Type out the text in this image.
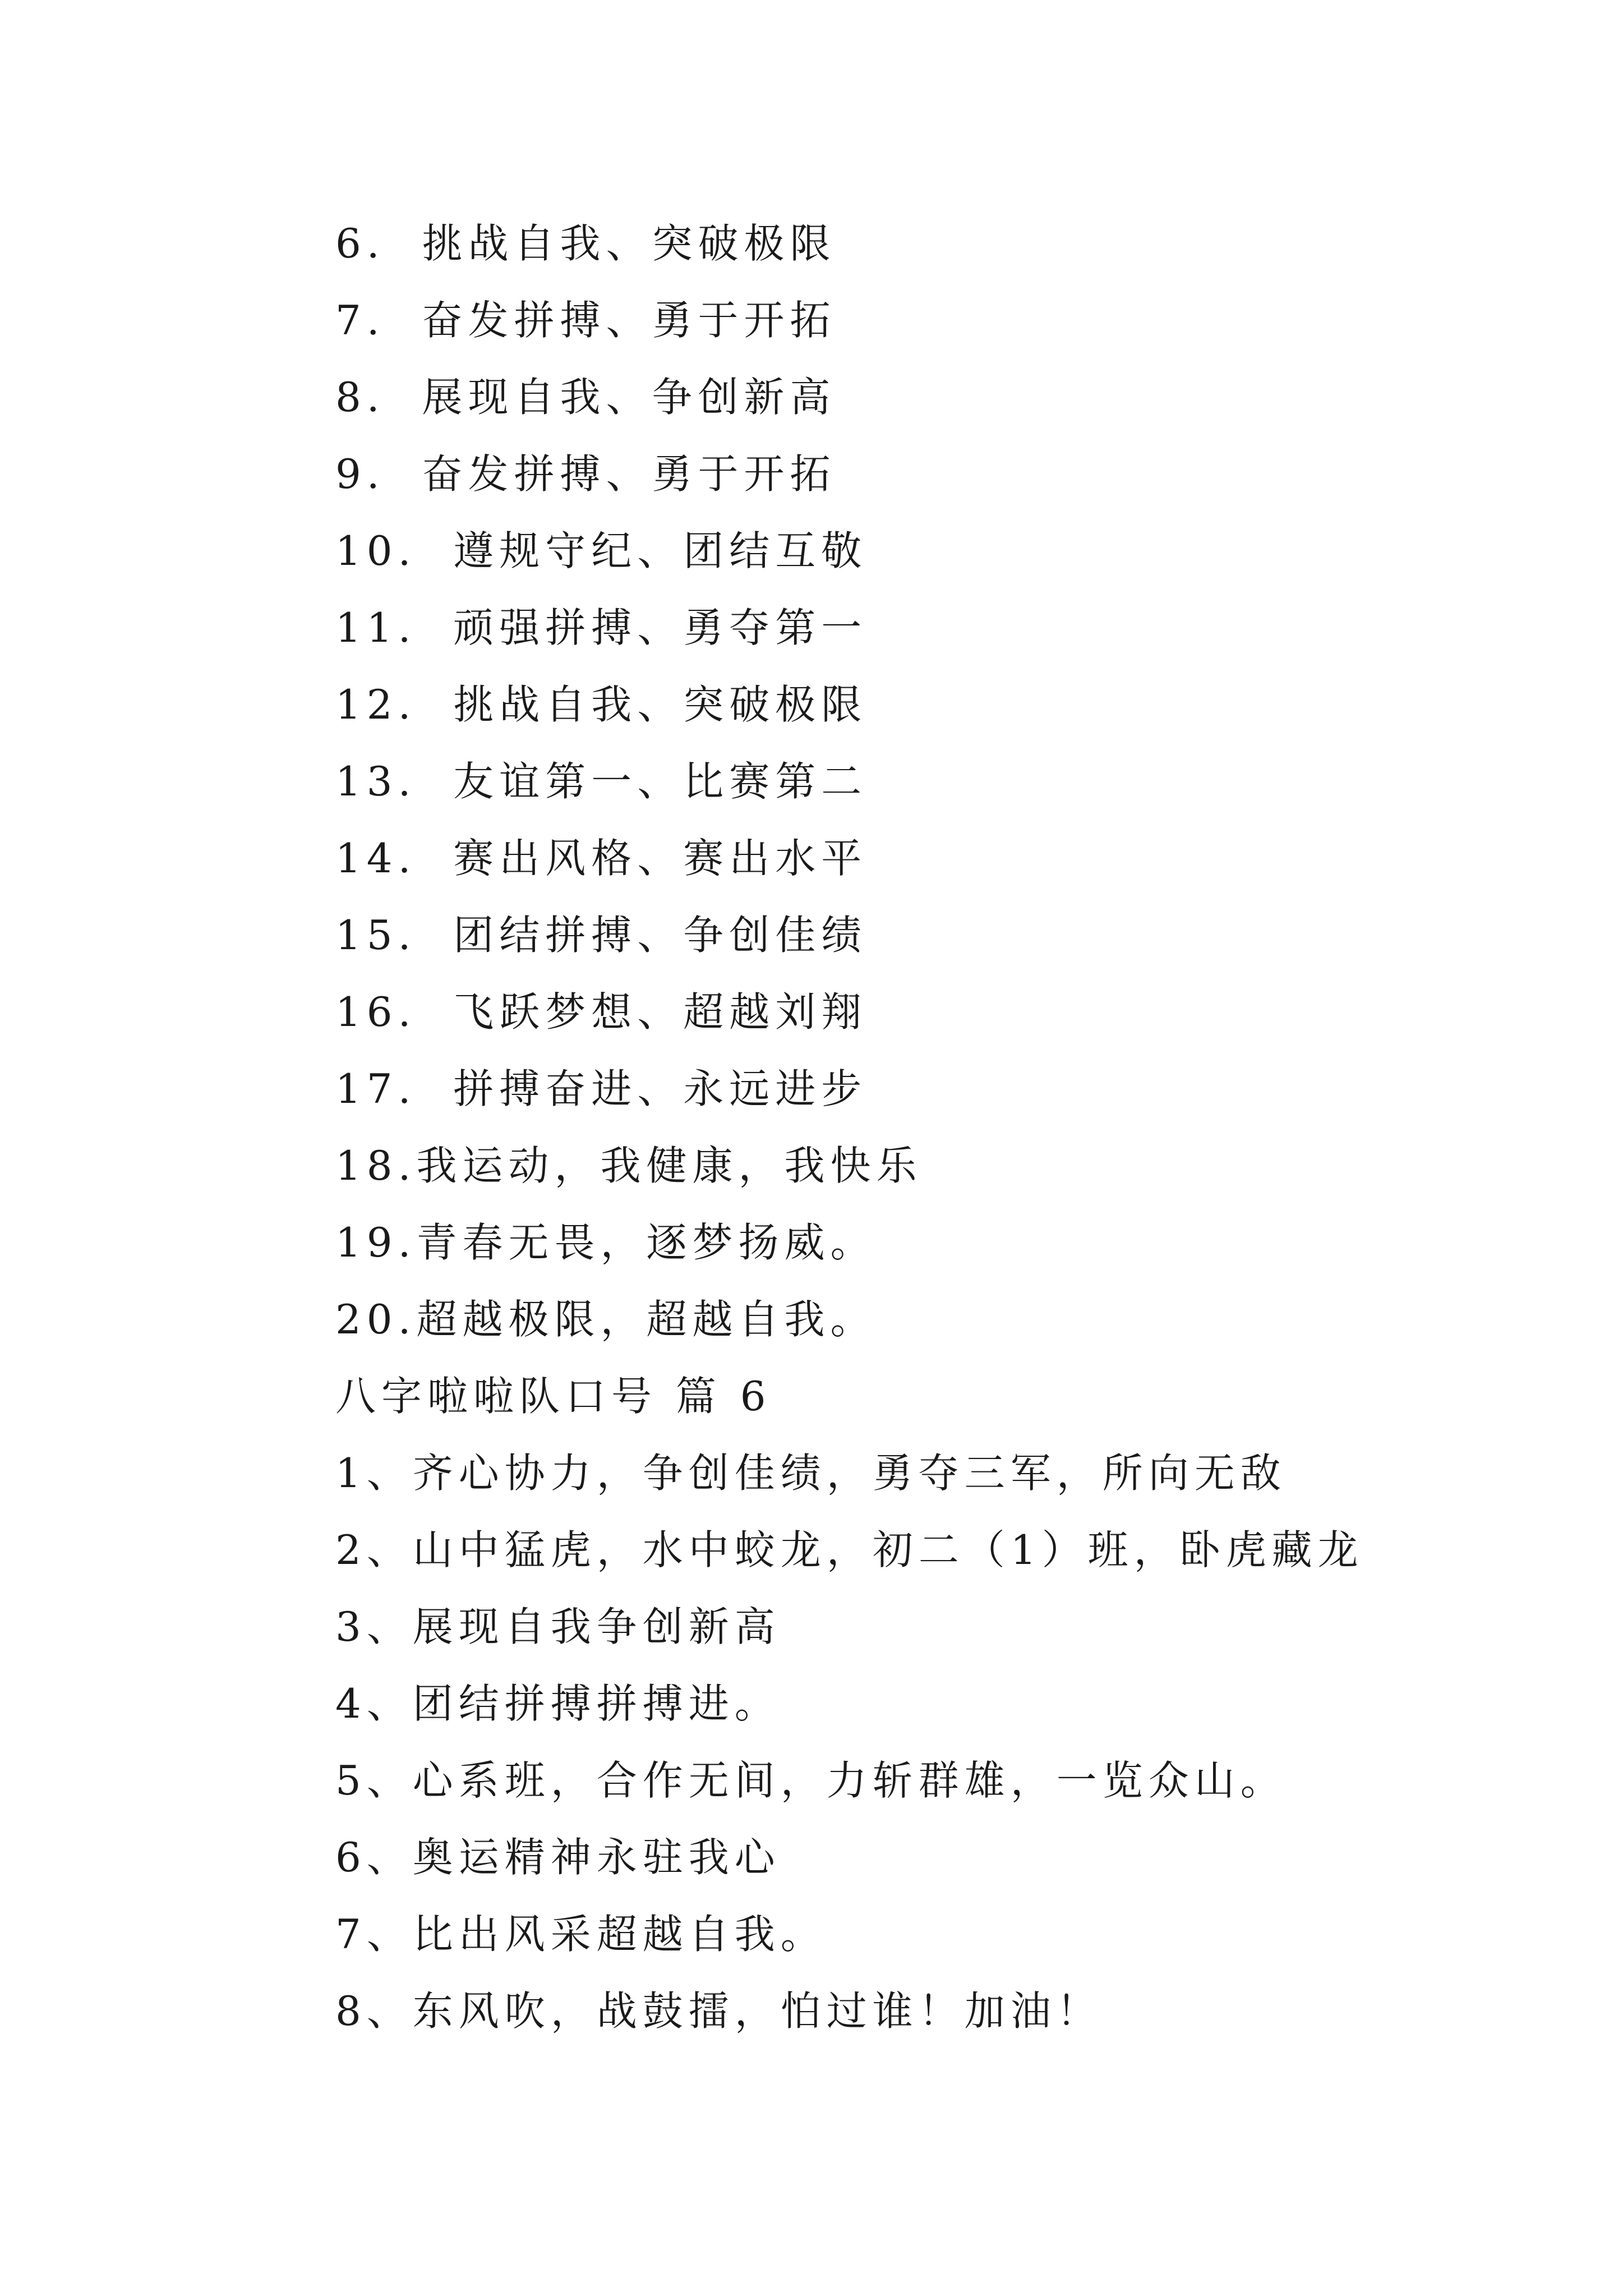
6.  挑战自我、突破极限
7.  奋发拼搏、勇于开拓
8.  展现自我、争创新高
9.  奋发拼搏、勇于开拓
10.  遵规守纪、团结互敬
11.  顽强拼搏、勇夺第一
12.  挑战自我、突破极限
13.  友谊第一、比赛第二
14.  赛出风格、赛出水平
15.  团结拼搏、争创佳绩
16.  飞跃梦想、超越刘翔
17.  拼搏奋进、永远进步
18.我运动，我健康，我快乐
19.青春无畏，逐梦扬威。
20.超越极限，超越自我。
八字啦啦队口号 篇 6
1、齐心协力，争创佳绩，勇夺三军，所向无敌
2、山中猛虎，水中蛟龙，初二（1）班，卧虎藏龙
3、展现自我争创新高
4、团结拼搏拼搏进。
5、心系班，合作无间，力斩群雄，一览众山。
6、奥运精神永驻我心
7、比出风采超越自我。
8、东风吹，战鼓擂，怕过谁！加油！
